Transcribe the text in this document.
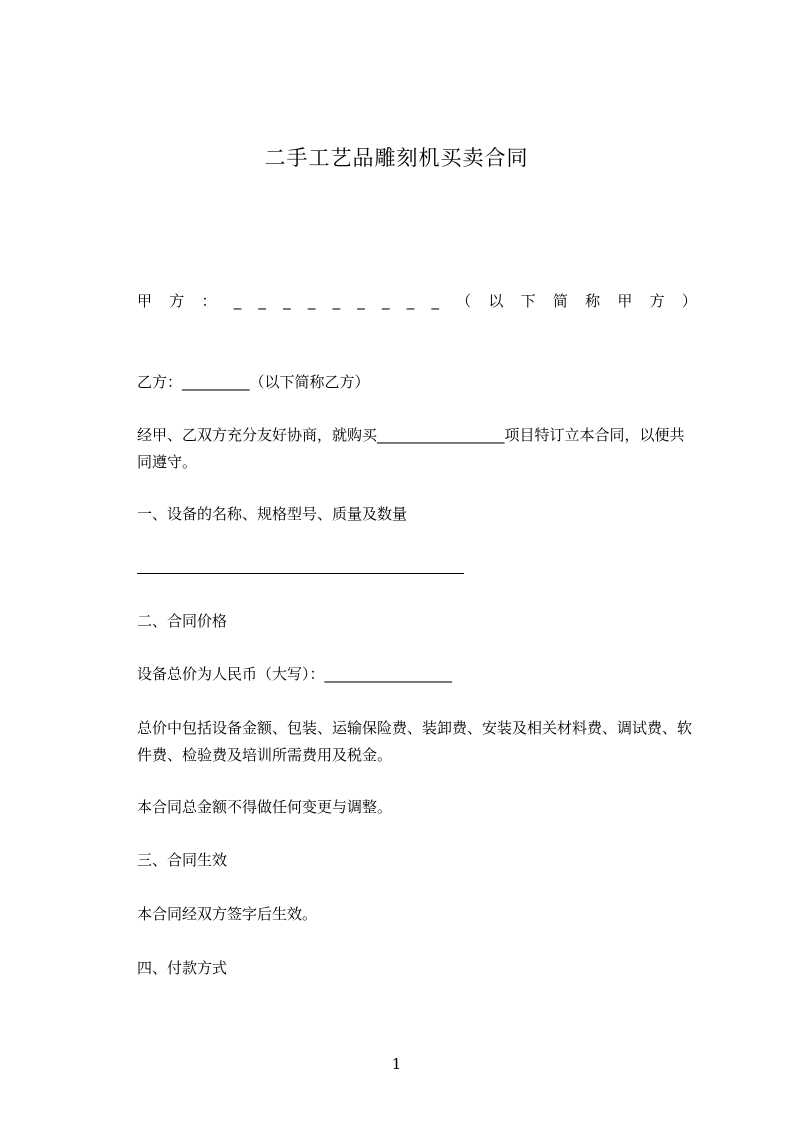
二手工艺品雕刻机买卖合同
甲 方 ： _ _ _ _ _ _ _ _ _ （ 以 下 简 称 甲 方 ）
乙方：_________（以下简称乙方）
经甲、乙双方充分友好协商，就购买_________________项目特订立本合同，以便共同遵守。
一、设备的名称、规格型号、质量及数量
二、合同价格
设备总价为人民币（大写）：_________________
总价中包括设备金额、包装、运输保险费、装卸费、安装及相关材料费、调试费、软件费、检验费及培训所需费用及税金。
本合同总金额不得做任何变更与调整。
三、合同生效
本合同经双方签字后生效。
四、付款方式
1
